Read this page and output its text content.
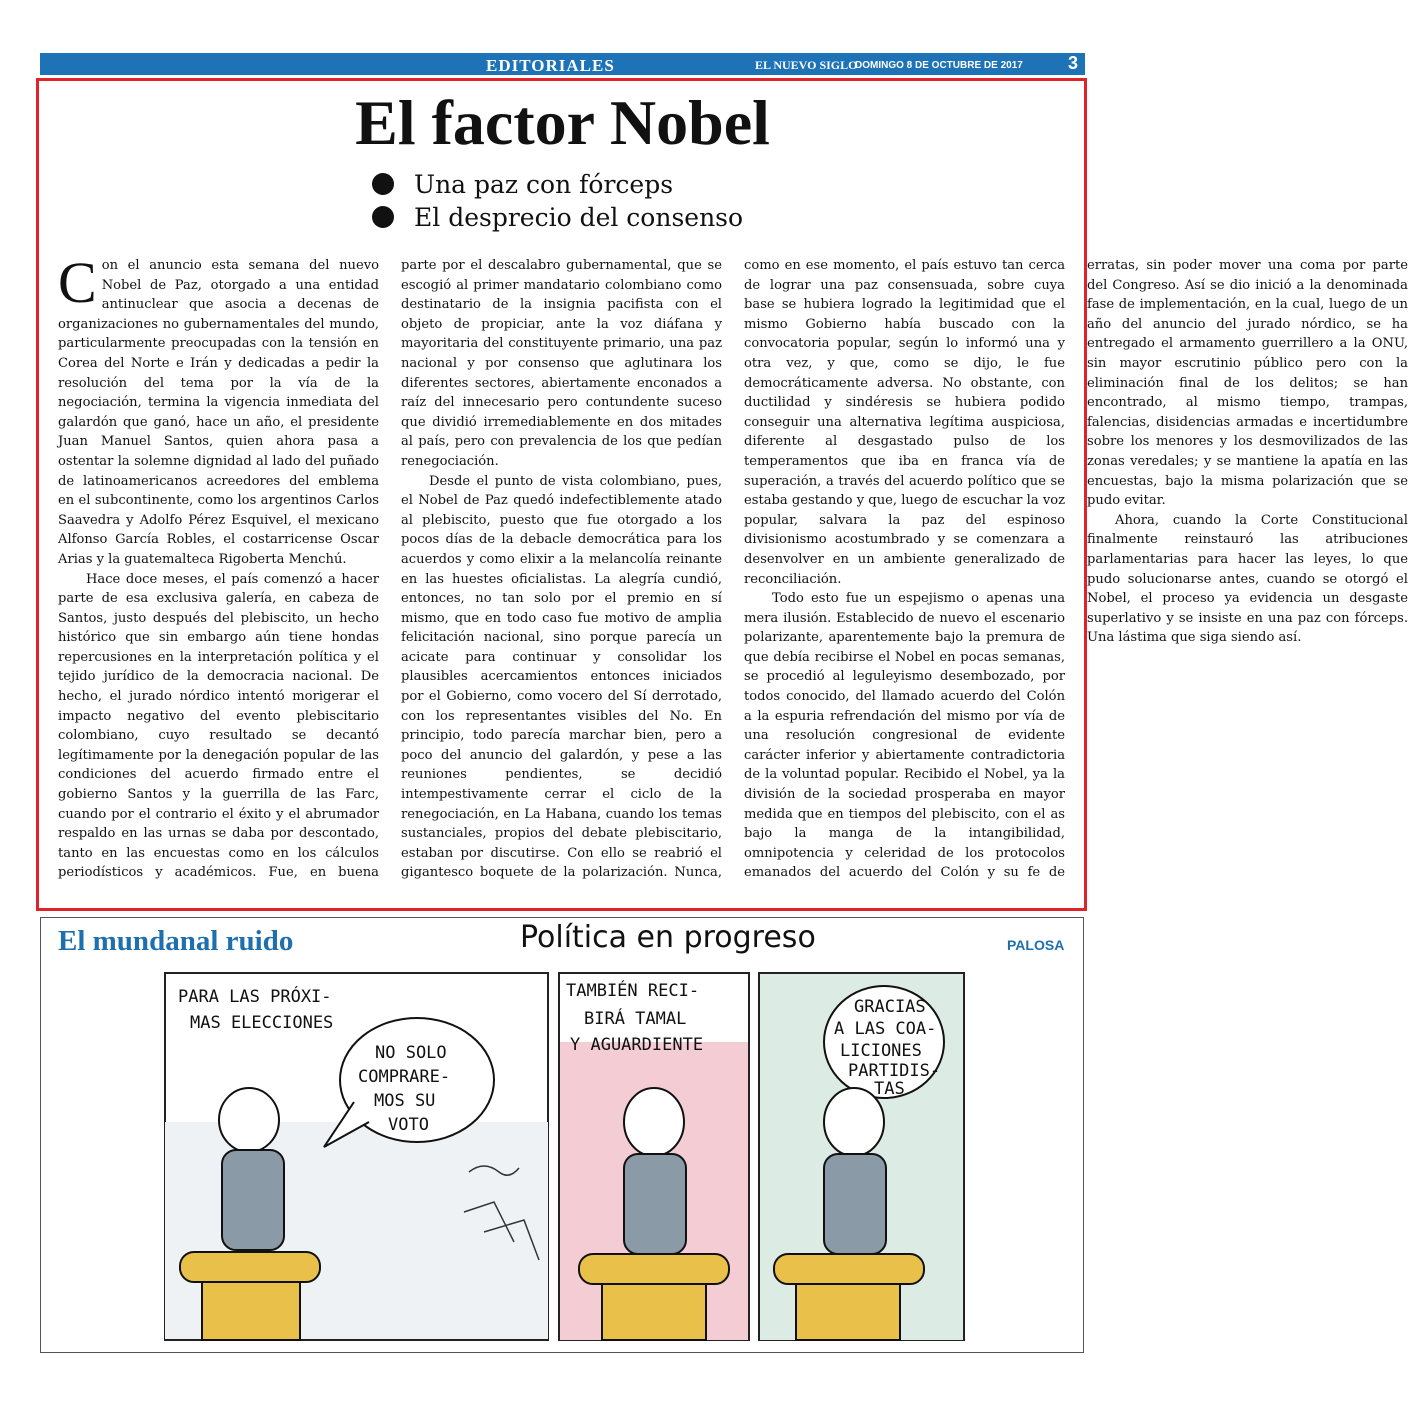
EDITORIALES	EL NUEVO SIGLO
DOMINGO 8 DE OCTUBRE DE 2017	3
El factor Nobel
Una paz con fórceps
El desprecio del consenso

Con el anuncio esta semana del nuevo Nobel de Paz, otorgado a una entidad antinuclear que asocia a decenas de organizaciones no gubernamentales del mundo, particularmente preocupadas con la tensión en Corea del Norte e Irán y dedicadas a pedir la resolución del tema por la vía de la negociación, termina la vigencia inmediata del galardón que ganó, hace un año, el presidente Juan Manuel Santos, quien ahora pasa a ostentar la solemne dignidad al lado del puñado de latinoamericanos acreedores del emblema en el subcontinente, como los argentinos Carlos Saavedra y Adolfo Pérez Esquivel, el mexicano Alfonso García Robles, el costarricense Oscar Arias y la guatemalteca Rigoberta Menchú.

Hace doce meses, el país comenzó a hacer parte de esa exclusiva galería, en cabeza de Santos, justo después del plebiscito, un hecho histórico que sin embargo aún tiene hondas repercusiones en la interpretación política y el tejido jurídico de la democracia nacional. De hecho, el jurado nórdico intentó morigerar el impacto negativo del evento plebiscitario colombiano, cuyo resultado se decantó legítimamente por la denegación popular de las condiciones del acuerdo firmado entre el gobierno Santos y la guerrilla de las Farc, cuando por el contrario el éxito y el abrumador respaldo en las urnas se daba por descontado, tanto en las encuestas como en los cálculos periodísticos y académicos. Fue, en buena parte por el descalabro gubernamental, que se escogió al primer mandatario colombiano como destinatario de la insignia pacifista con el objeto de propiciar, ante la voz diáfana y mayoritaria del constituyente primario, una paz nacional y por consenso que aglutinara los diferentes sectores, abiertamente enconados a raíz del innecesario pero contundente suceso que dividió irremediablemente en dos mitades al país, pero con prevalencia de los que pedían renegociación.

Desde el punto de vista colombiano, pues, el Nobel de Paz quedó indefectiblemente atado al plebiscito, puesto que fue otorgado a los pocos días de la debacle democrática para los acuerdos y como elixir a la melancolía reinante en las huestes oficialistas. La alegría cundió, entonces, no tan solo por el premio en sí mismo, que en todo caso fue motivo de amplia felicitación nacional, sino porque parecía un acicate para continuar y consolidar los plausibles acercamientos entonces iniciados por el Gobierno, como vocero del Sí derrotado, con los representantes visibles del No. En principio, todo parecía marchar bien, pero a poco del anuncio del galardón, y pese a las reuniones pendientes, se decidió intempestivamente cerrar el ciclo de la renegociación, en La Habana, cuando los temas sustanciales, propios del debate plebiscitario, estaban por discutirse. Con ello se reabrió el gigantesco boquete de la polarización. Nunca, como en ese momento, el país estuvo tan cerca de lograr una paz consensuada, sobre cuya base se hubiera logrado la legitimidad que el mismo Gobierno había buscado con la convocatoria popular, según lo informó una y otra vez, y que, como se dijo, le fue democráticamente adversa. No obstante, con ductilidad y sindéresis se hubiera podido conseguir una alternativa legítima auspiciosa, diferente al desgastado pulso de los temperamentos que iba en franca vía de superación, a través del acuerdo político que se estaba gestando y que, luego de escuchar la voz popular, salvara la paz del espinoso divisionismo acostumbrado y se comenzara a desenvolver en un ambiente generalizado de reconciliación.

Todo esto fue un espejismo o apenas una mera ilusión. Establecido de nuevo el escenario polarizante, aparentemente bajo la premura de que debía recibirse el Nobel en pocas semanas, se procedió al leguleyismo desembozado, por todos conocido, del llamado acuerdo del Colón a la espuria refrendación del mismo por vía de una resolución congresional de evidente carácter inferior y abiertamente contradictoria de la voluntad popular. Recibido el Nobel, ya la división de la sociedad prosperaba en mayor medida que en tiempos del plebiscito, con el as bajo la manga de la intangibilidad, omnipotencia y celeridad de los protocolos emanados del acuerdo del Colón y su fe de erratas, sin poder mover una coma por parte del Congreso. Así se dio inició a la denominada fase de implementación, en la cual, luego de un año del anuncio del jurado nórdico, se ha entregado el armamento guerrillero a la ONU, sin mayor escrutinio público pero con la eliminación final de los delitos; se han encontrado, al mismo tiempo, trampas, falencias, disidencias armadas e incertidumbre sobre los menores y los desmovilizados de las zonas veredales; y se mantiene la apatía en las encuestas, bajo la misma polarización que se pudo evitar.

Ahora, cuando la Corte Constitucional finalmente reinstauró las atribuciones parlamentarias para hacer las leyes, lo que pudo solucionarse antes, cuando se otorgó el Nobel, el proceso ya evidencia un desgaste superlativo y se insiste en una paz con fórceps. Una lástima que siga siendo así.

El mundanal ruido	Política en progreso	PALOSA
PARA LAS PRÓXI-
MAS ELECCIONES
NO SOLO
COMPRARE-
MOS SU
VOTO
TAMBIÉN RECI-
BIRÁ TAMAL
Y AGUARDIENTE
GRACIAS
A LAS COA-
LICIONES
PARTIDIS-
TAS
